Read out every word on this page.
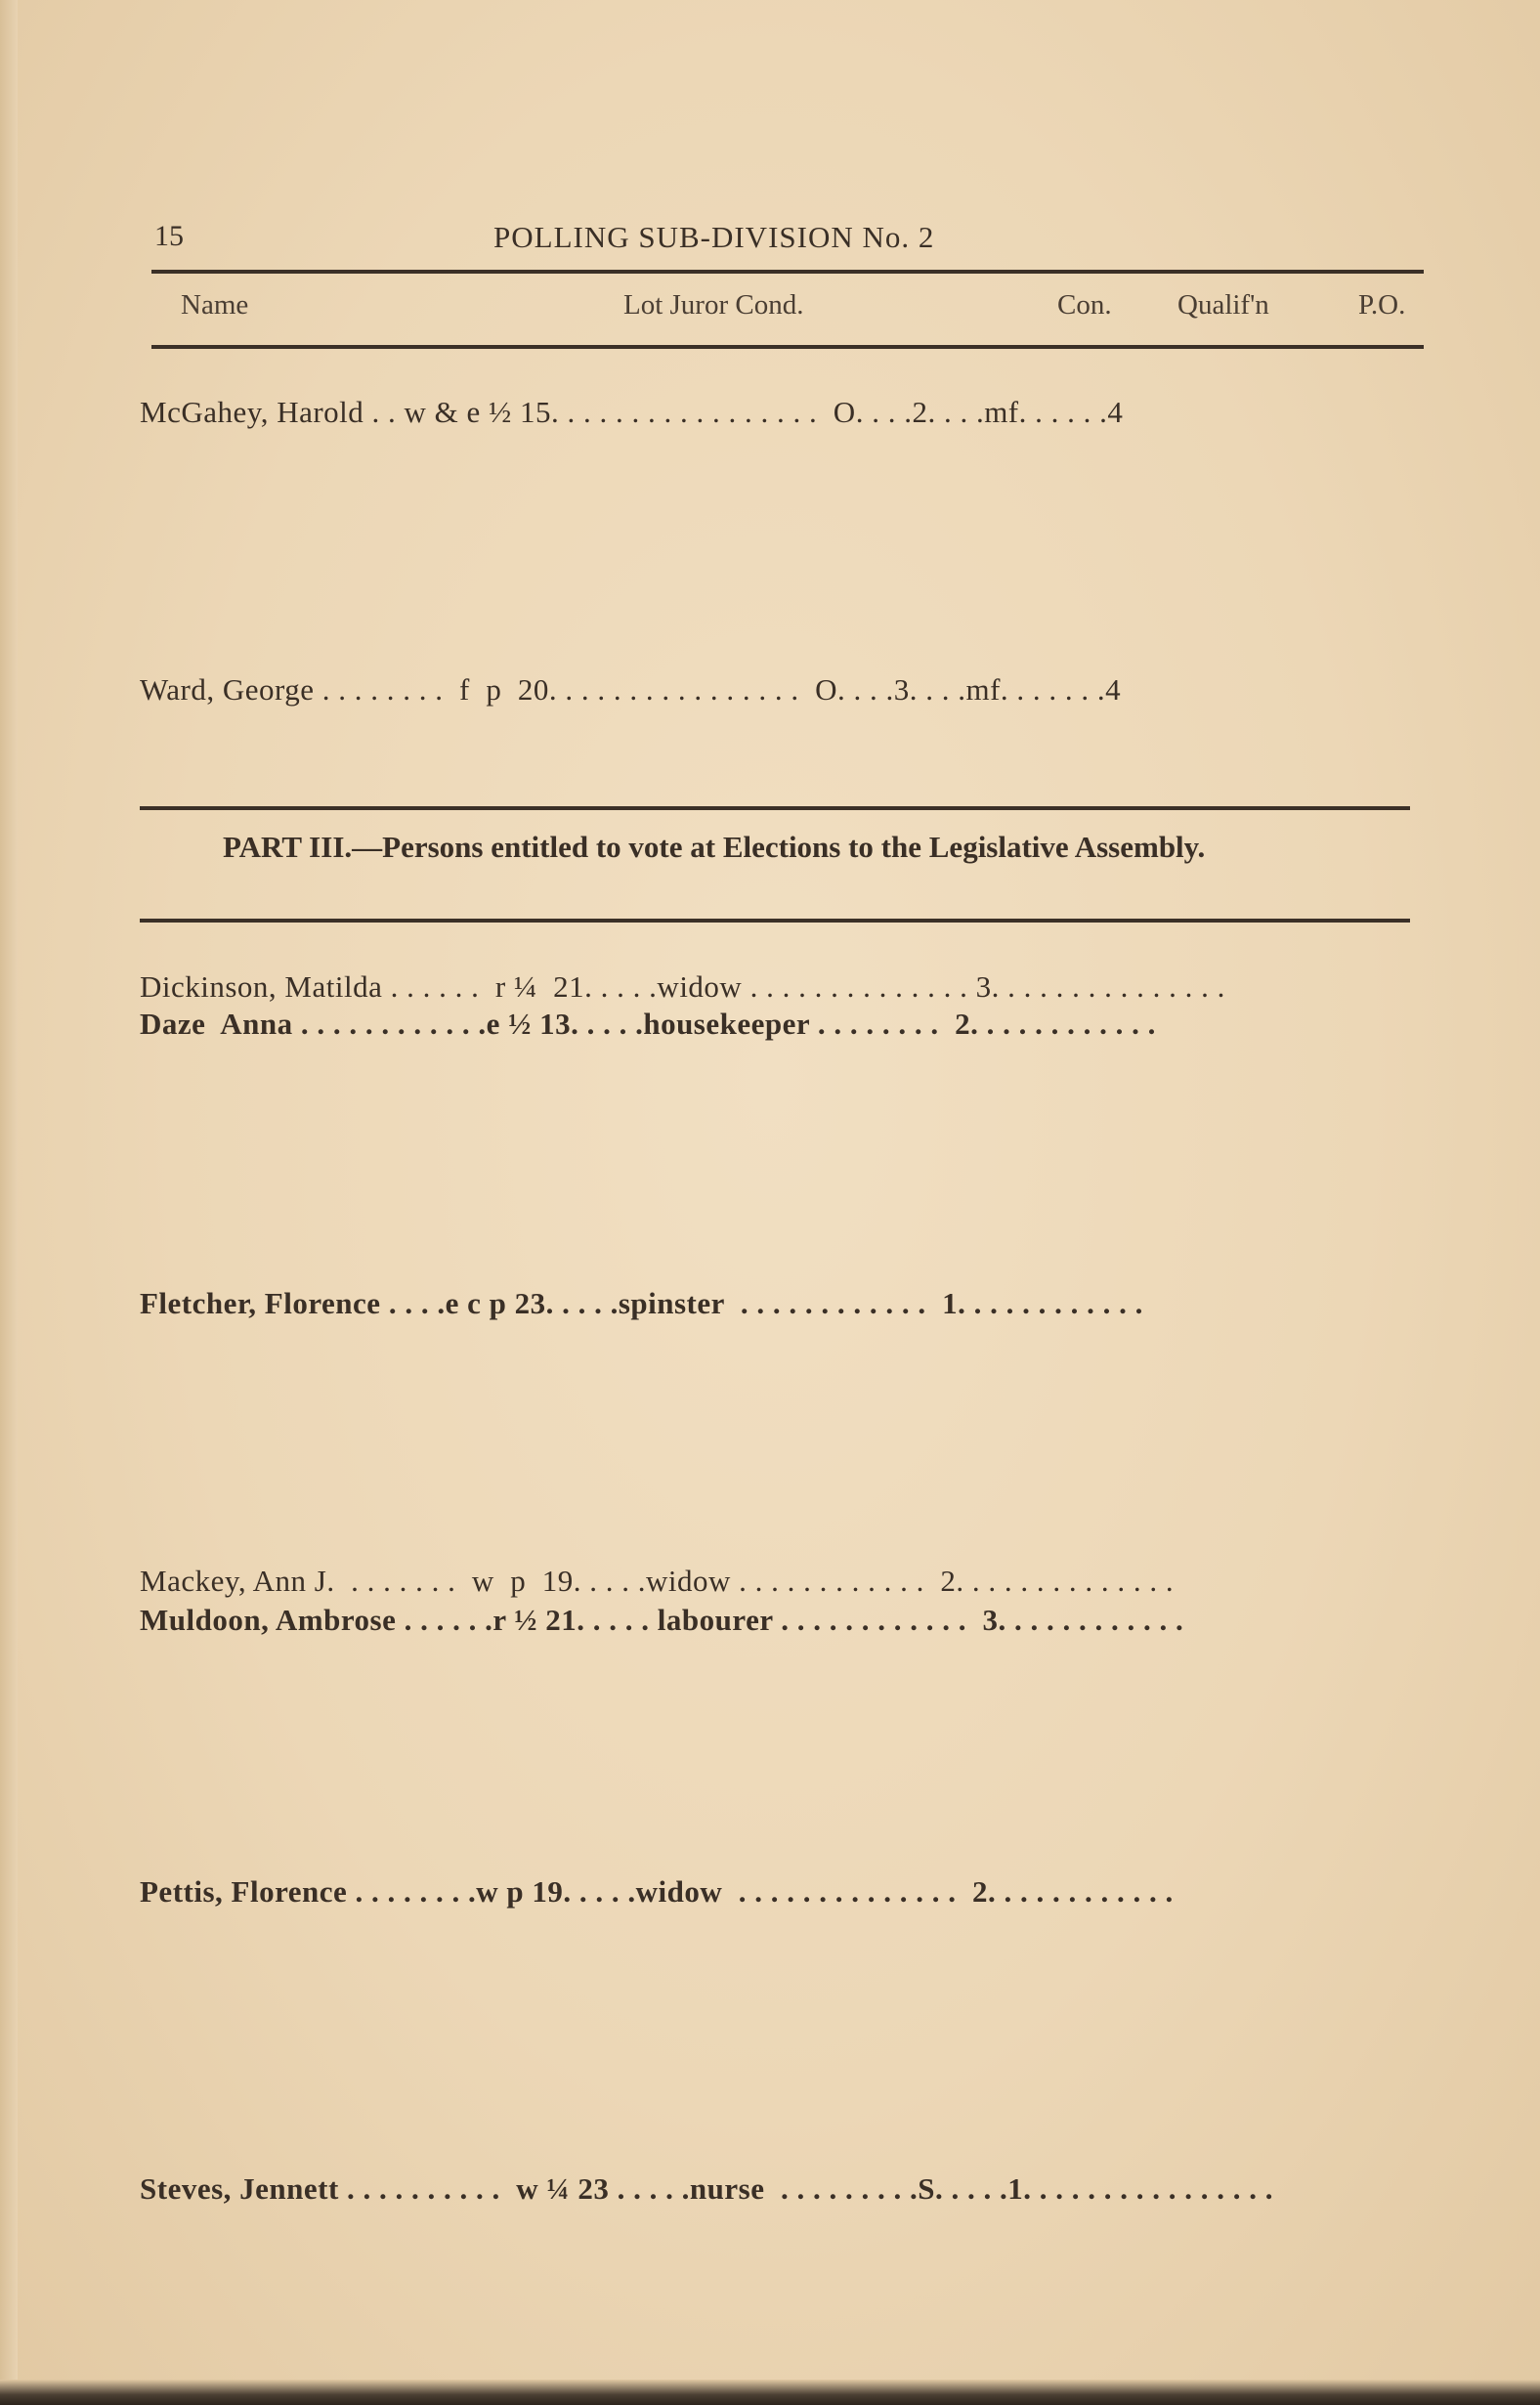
15	POLLING SUB-DIVISION No. 2
Name	Lot Juror Cond.	Con. Qualif'n	P.O.
McGahey, Harold . . w & e ½ 15. . . . . . . . . . . . . . . . .  O. . . .2. . . .mf. . . . . .4
Ward, George . . . . . . . .  f  p  20. . . . . . . . . . . . . . . .  O. . . .3. . . .mf. . . . . . .4
PART III.—Persons entitled to vote at Elections to the Legislative Assembly.
Dickinson, Matilda . . . . . .  r ¼  21. . . . .widow . . . . . . . . . . . . . . 3. . . . . . . . . . . . . . .
Daze  Anna . . . . . . . . . . . .e ½ 13. . . . .housekeeper . . . . . . . .  2. . . . . . . . . . . .
Fletcher, Florence . . . .e c p 23. . . . .spinster  . . . . . . . . . . . .  1. . . . . . . . . . . .
Mackey, Ann J.  . . . . . . .  w  p  19. . . . .widow . . . . . . . . . . . .  2. . . . . . . . . . . . . .
Muldoon, Ambrose . . . . . .r ½ 21. . . . . labourer . . . . . . . . . . . .  3. . . . . . . . . . . .
Pettis, Florence . . . . . . . .w p 19. . . . .widow  . . . . . . . . . . . . . .  2. . . . . . . . . . . .
Steves, Jennett . . . . . . . . . .  w ¼ 23 . . . . .nurse  . . . . . . . . .S. . . . .1. . . . . . . . . . . . . . . .
